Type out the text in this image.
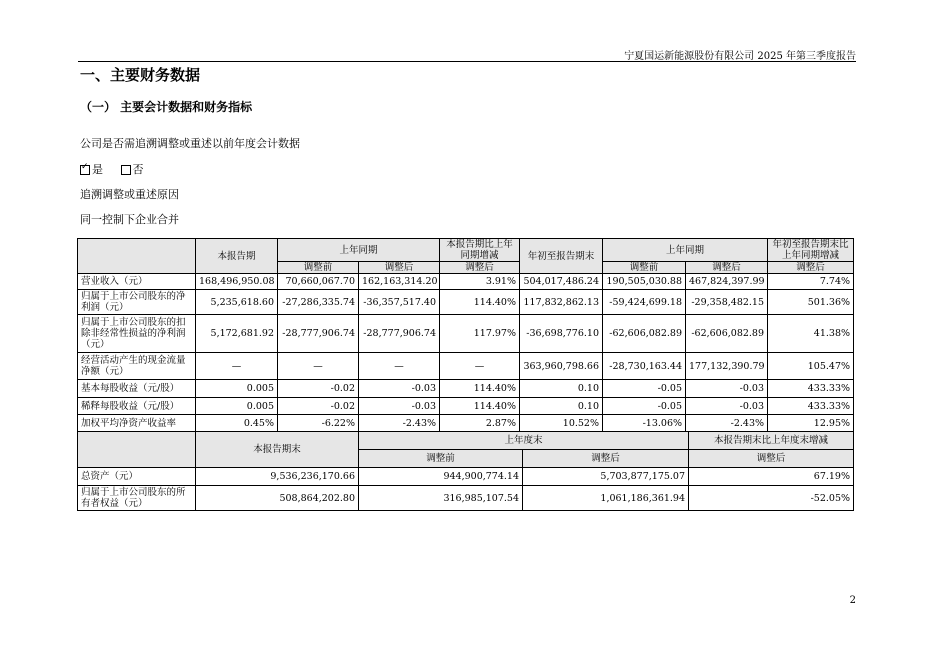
宁夏国运新能源股份有限公司 2025 年第三季度报告
一、主要财务数据
（一） 主要会计数据和财务指标
公司是否需追溯调整或重述以前年度会计数据
✓是	否
追溯调整或重述原因
同一控制下企业合并
	本报告期	上年同期		本报告期比上年同期增减	年初至报告期末	上年同期		年初至报告期末比上年同期增减
		调整前	调整后	调整后		调整前	调整后	调整后
营业收入（元）	168,496,950.08	70,660,067.70	162,163,314.20	3.91%	504,017,486.24	190,505,030.88	467,824,397.99	7.74%
归属于上市公司股东的净利润（元）	5,235,618.60	-27,286,335.74	-36,357,517.40	114.40%	117,832,862.13	-59,424,699.18	-29,358,482.15	501.36%
归属于上市公司股东的扣除非经常性损益的净利润（元）	5,172,681.92	-28,777,906.74	-28,777,906.74	117.97%	-36,698,776.10	-62,606,082.89	-62,606,082.89	41.38%
经营活动产生的现金流量净额（元）	—	—	—	—	363,960,798.66	-28,730,163.44	177,132,390.79	105.47%
基本每股收益（元/股）	0.005	-0.02	-0.03	114.40%	0.10	-0.05	-0.03	433.33%
稀释每股收益（元/股）	0.005	-0.02	-0.03	114.40%	0.10	-0.05	-0.03	433.33%
加权平均净资产收益率	0.45%	-6.22%	-2.43%	2.87%	10.52%	-13.06%	-2.43%	12.95%
	本报告期末	上年度末		本报告期末比上年度末增减
		调整前	调整后	调整后
总资产（元）	9,536,236,170.66	944,900,774.14	5,703,877,175.07	67.19%
归属于上市公司股东的所有者权益（元）	508,864,202.80	316,985,107.54	1,061,186,361.94	-52.05%
2
